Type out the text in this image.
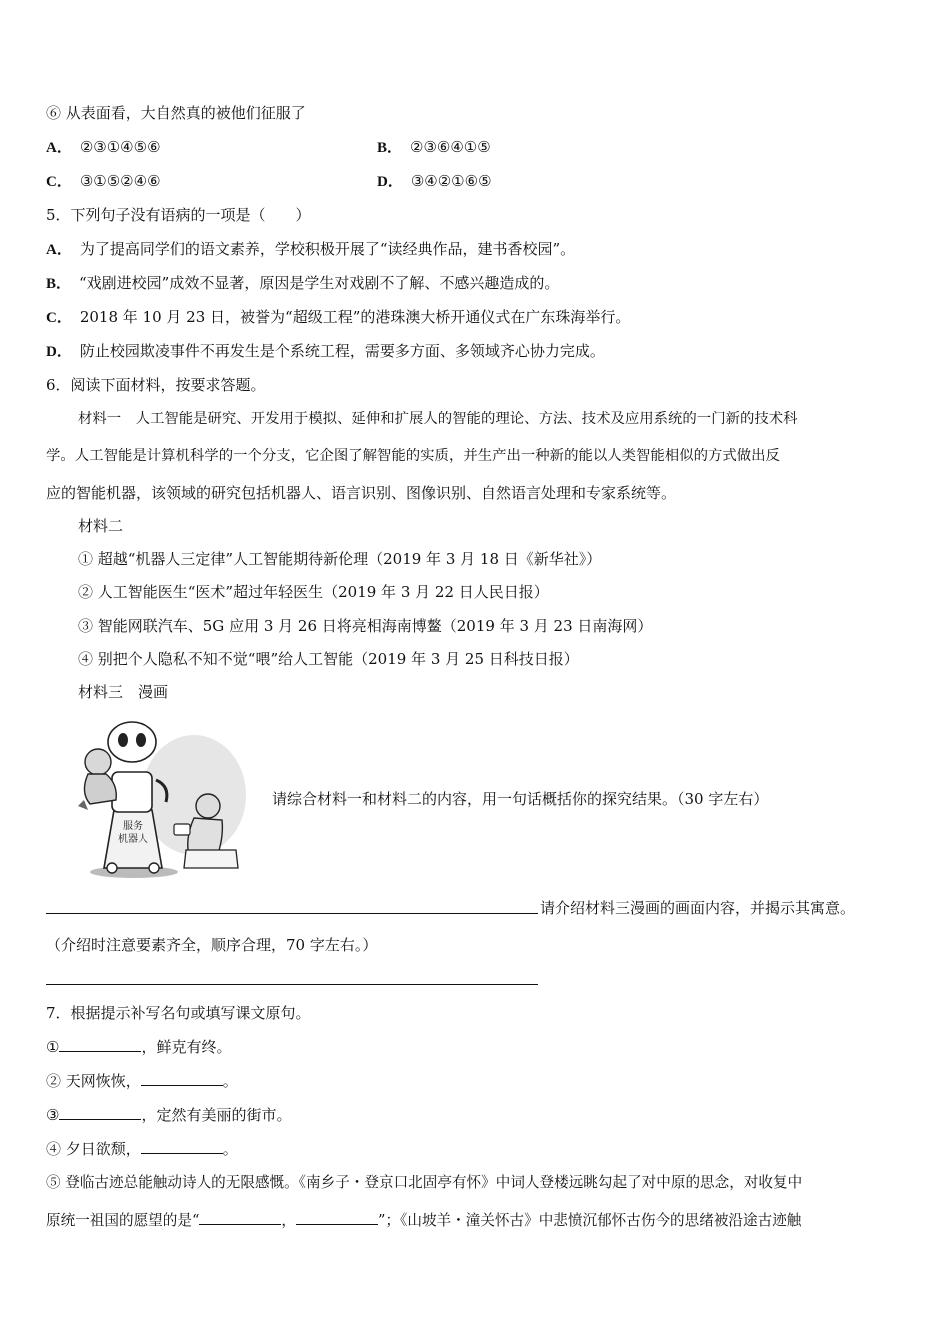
⑥ 从表面看，大自然真的被他们征服了
A． ②③①④⑤⑥	B． ②③⑥④①⑤
C． ③①⑤②④⑥	D． ③④②①⑥⑤
5．下列句子没有语病的一项是（　　）
A． 为了提高同学们的语文素养，学校积极开展了“读经典作品，建书香校园”。
B． “戏剧进校园”成效不显著，原因是学生对戏剧不了解、不感兴趣造成的。
C． 2018 年 10 月 23 日，被誉为“超级工程”的港珠澳大桥开通仪式在广东珠海举行。
D． 防止校园欺凌事件不再发生是个系统工程，需要多方面、多领域齐心协力完成。
6．阅读下面材料，按要求答题。
材料一　人工智能是研究、开发用于模拟、延伸和扩展人的智能的理论、方法、技术及应用系统的一门新的技术科
学。人工智能是计算机科学的一个分支，它企图了解智能的实质，并生产出一种新的能以人类智能相似的方式做出反
应的智能机器，该领域的研究包括机器人、语言识别、图像识别、自然语言处理和专家系统等。
材料二
① 超越“机器人三定律”人工智能期待新伦理（2019 年 3 月 18 日《新华社》）
② 人工智能医生“医术”超过年轻医生（2019 年 3 月 22 日人民日报）
③ 智能网联汽车、5G 应用 3 月 26 日将亮相海南博鳌（2019 年 3 月 23 日南海网）
④ 别把个人隐私不知不觉“喂”给人工智能（2019 年 3 月 25 日科技日报）
材料三　漫画
服务
机器人
请综合材料一和材料二的内容，用一句话概括你的探究结果。（30 字左右）
请介绍材料三漫画的画面内容，并揭示其寓意。
（介绍时注意要素齐全，顺序合理，70 字左右。）
7．根据提示补写名句或填写课文原句。
①	，鲜克有终。
② 天网恢恢，	。
③	，定然有美丽的街市。
④ 夕日欲颓，	。
⑤ 登临古迹总能触动诗人的无限感慨。《南乡子・登京口北固亭有怀》中词人登楼远眺勾起了对中原的思念，对收复中
原统一祖国的愿望的是“	，	”；《山坡羊・潼关怀古》中悲愤沉郁怀古伤今的思绪被沿途古迹触
